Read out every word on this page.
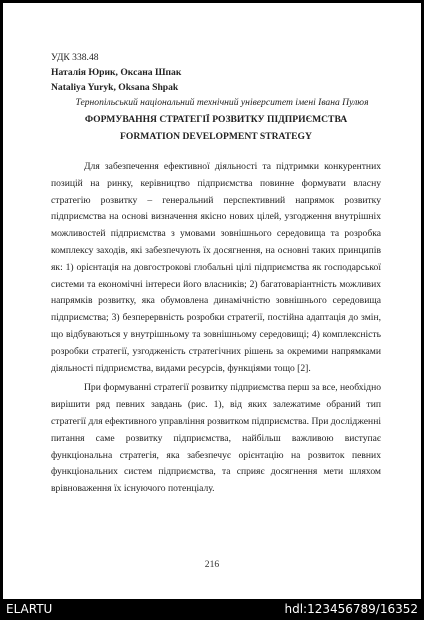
УДК 338.48
Наталія Юрик, Оксана Шпак
Nataliya Yuryk, Oksana Shpak
Тернопільський національний технічний університет імені Івана Пулюя
ФОРМУВАННЯ СТРАТЕГІЇ РОЗВИТКУ ПІДПРИЄМСТВА
FORMATION DEVELOPMENT STRATEGY

Для забезпечення ефективної діяльності та підтримки конкурентних позицій на ринку, керівництво підприємства повинне формувати власну стратегію розвитку – генеральний перспективний напрямок розвитку підприємства на основі визначення якісно нових цілей, узгодження внутрішніх можливостей підприємства з умовами зовнішнього середовища та розробка комплексу заходів, які забезпечують їх досягнення, на основні таких принципів як: 1) орієнтація на довгострокові глобальні цілі підприємства як господарської системи та економічні інтереси його власників; 2) багатоваріантність можливих напрямків розвитку, яка обумовлена динамічністю зовнішнього середовища підприємства; 3) безперервність розробки стратегії, постійна адаптація до змін, що відбуваються у внутрішньому та зовнішньому середовищі; 4) комплексність розробки стратегії, узгодженість стратегічних рішень за окремими напрямками діяльності підприємства, видами ресурсів, функціями тощо [2].

При формуванні стратегії розвитку підприємства перш за все, необхідно вирішити ряд певних завдань (рис. 1), від яких залежатиме обраний тип стратегії для ефективного управління розвитком підприємства. При дослідженні питання саме розвитку підприємства, найбільш важливою виступає функціональна стратегія, яка забезпечує орієнтацію на розвиток певних функціональних систем підприємства, та сприяє досягнення мети шляхом врівноваження їх існуючого потенціалу.

216
ELARTU	hdl:123456789/16352
